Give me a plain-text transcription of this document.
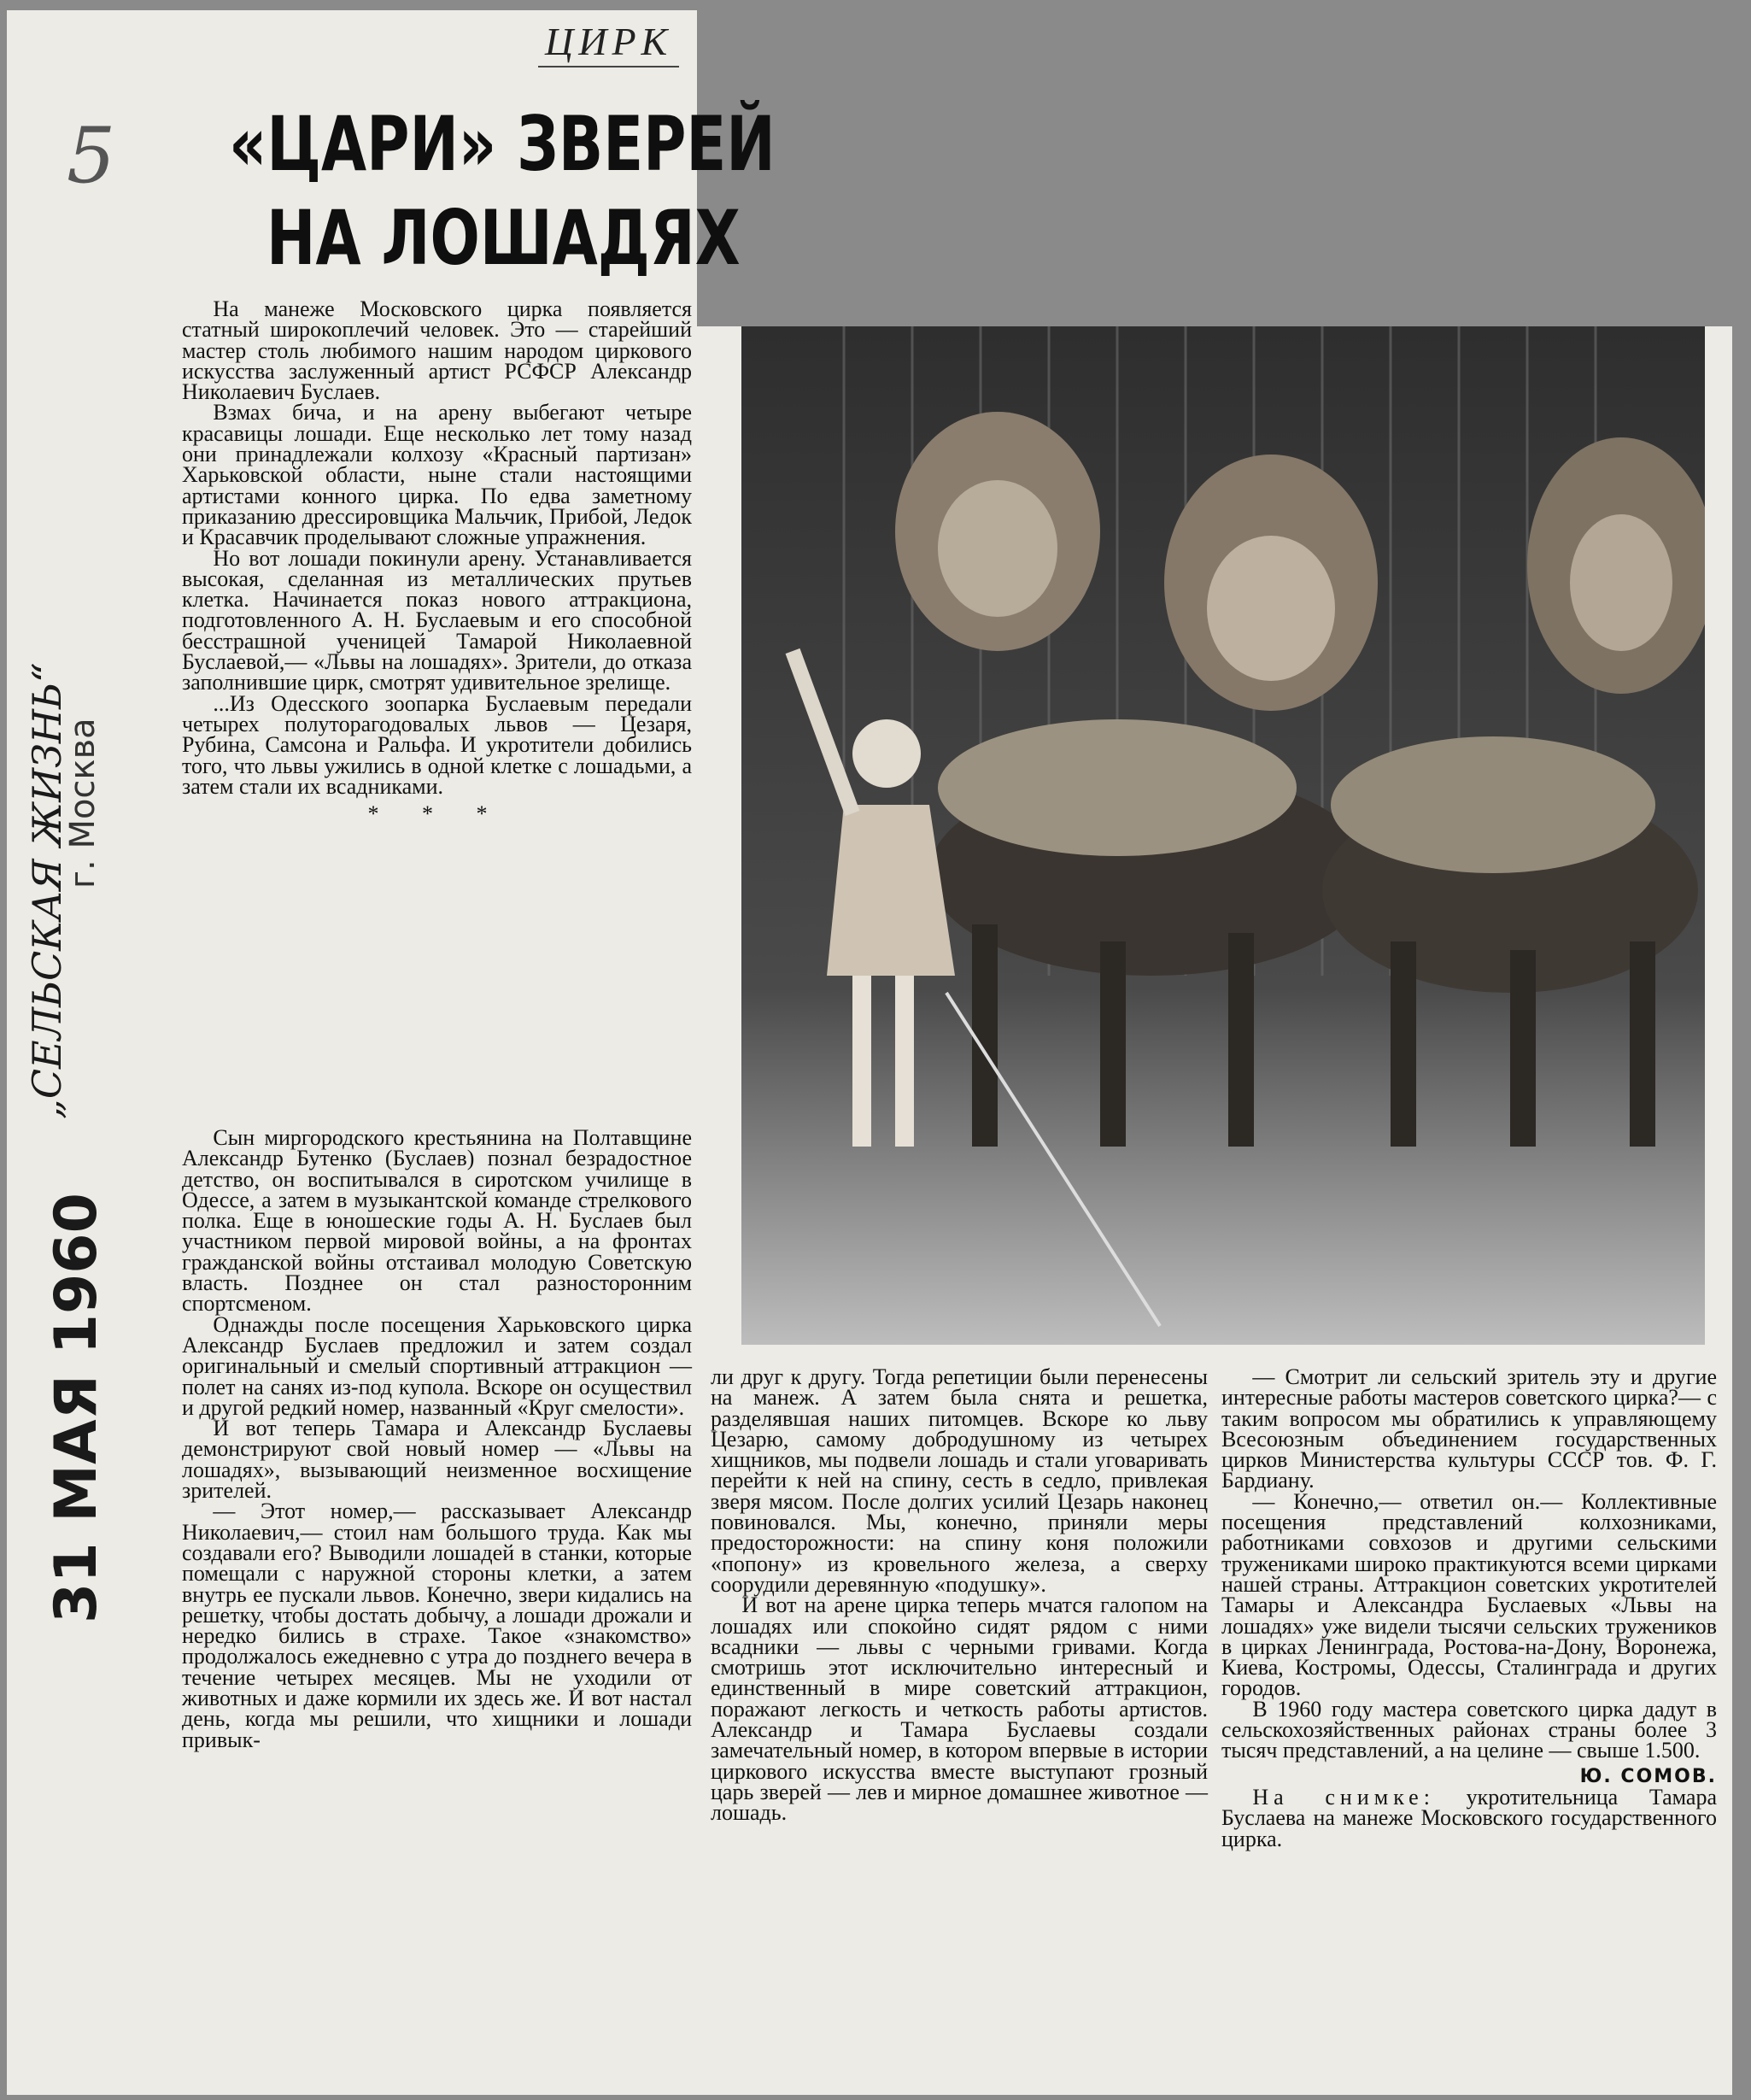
ЦИРК
5 «ЦАРИ» ЗВЕРЕЙ
НА ЛОШАДЯХ
„СЕЛЬСКАЯ ЖИЗНЬ“
г. Москва
31 МАЯ 1960

На манеже Московского цирка появляется статный широкоплечий человек. Это — старейший мастер столь любимого нашим народом циркового искусства заслуженный артист РСФСР Александр Николаевич Буслаев.

Взмах бича, и на арену выбегают четыре красавицы лошади. Еще несколько лет тому назад они принадлежали колхозу «Красный партизан» Харьковской области, ныне стали настоящими артистами конного цирка. По едва заметному приказанию дрессировщика Мальчик, Прибой, Ледок и Красавчик проделывают сложные упражнения.

Но вот лошади покинули арену. Устанавливается высокая, сделанная из металлических прутьев клетка. Начинается показ нового аттракциона, подготовленного А. Н. Буслаевым и его способной бесстрашной ученицей Тамарой Николаевной Буслаевой,— «Львы на лошадях». Зрители, до отказа заполнившие цирк, смотрят удивительное зрелище.

...Из Одесского зоопарка Буслаевым передали четырех полуторагодовалых львов — Цезаря, Рубина, Самсона и Ральфа. И укротители добились того, что львы ужились в одной клетке с лошадьми, а затем стали их всадниками.

* * *

Сын миргородского крестьянина на Полтавщине Александр Бутенко (Буслаев) познал безрадостное детство, он воспитывался в сиротском училище в Одессе, а затем в музыкантской команде стрелкового полка. Еще в юношеские годы А. Н. Буслаев был участником первой мировой войны, а на фронтах гражданской войны отстаивал молодую Советскую власть. Позднее он стал разносторонним спортсменом.

Однажды после посещения Харьковского цирка Александр Буслаев предложил и затем создал оригинальный и смелый спортивный аттракцион — полет на санях из-под купола. Вскоре он осуществил и другой редкий номер, названный «Круг смелости».

И вот теперь Тамара и Александр Буслаевы демонстрируют свой новый номер — «Львы на лошадях», вызывающий неизменное восхищение зрителей.

— Этот номер,— рассказывает Александр Николаевич,— стоил нам большого труда. Как мы создавали его? Выводили лошадей в станки, которые помещали с наружной стороны клетки, а затем внутрь ее пускали львов. Конечно, звери кидались на решетку, чтобы достать добычу, а лошади дрожали и нередко бились в страхе. Такое «знакомство» продолжалось ежедневно с утра до позднего вечера в течение четырех месяцев. Мы не уходили от животных и даже кормили их здесь же. И вот настал день, когда мы решили, что хищники и лошади привык-

ли друг к другу. Тогда репетиции были перенесены на манеж. А затем была снята и решетка, разделявшая наших питомцев. Вскоре ко льву Цезарю, самому добродушному из четырех хищников, мы подвели лошадь и стали уговаривать перейти к ней на спину, сесть в седло, привлекая зверя мясом. После долгих усилий Цезарь наконец повиновался. Мы, конечно, приняли меры предосторожности: на спину коня положили «попону» из кровельного железа, а сверху соорудили деревянную «подушку».

И вот на арене цирка теперь мчатся галопом на лошадях или спокойно сидят рядом с ними всадники — львы с черными гривами. Когда смотришь этот исключительно интересный и единственный в мире советский аттракцион, поражают легкость и четкость работы артистов. Александр и Тамара Буслаевы создали замечательный номер, в котором впервые в истории циркового искусства вместе выступают грозный царь зверей — лев и мирное домашнее животное — лошадь.

— Смотрит ли сельский зритель эту и другие интересные работы мастеров советского цирка?— с таким вопросом мы обратились к управляющему Всесоюзным объединением государственных цирков Министерства культуры СССР тов. Ф. Г. Бардиану.

— Конечно,— ответил он.— Коллективные посещения представлений колхозниками, работниками совхозов и другими сельскими тружениками широко практикуются всеми цирками нашей страны. Аттракцион советских укротителей Тамары и Александра Буслаевых «Львы на лошадях» уже видели тысячи сельских тружеников в цирках Ленинграда, Ростова-на-Дону, Воронежа, Киева, Костромы, Одессы, Сталинграда и других городов.

В 1960 году мастера советского цирка дадут в сельскохозяйственных районах страны более 3 тысяч представлений, а на целине — свыше 1.500.

Ю. СОМОВ.

На снимке: укротительница Тамара Буслаева на манеже Московского государственного цирка.
